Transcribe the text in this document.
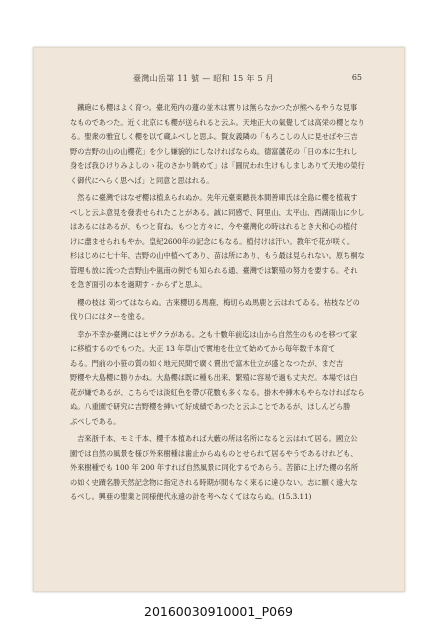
臺灣山岳第 11 號 — 昭和 15 年 5 月	65
　鐵砲にも櫻はよく育つ。臺北苑内の蓮の並木は實りは無らなかつたが熊へるやうな見事
なものであつた。近く北京にも櫻が送られると云ふ。天地正大の氣覺しては高栄の櫻となり
る。聖衆の雅宜しく櫻を以て蔵ふべしと思ふ。賢友義隣の「もろこしの人に見せばや三吉
野の吉野の山の山櫻花」を少し嫌貌的にしなければならぬ。德富蘆花の「日の本に生れし
身をば我ひけりみよしのゝ花のさかり眺めて」は「圓尻われ生けもしましありて天地の榮行
く御代にへらく思へば」と同意と思はれる。
　然るに臺灣ではなぜ櫻は植ゑられぬか。先年元臺東聽長本間善庫氏は全島に櫻を植栽す
べしと云ふ意見を發表せられたことがある。誠に同感で、阿里山、太平山、西湖雨山に少し
はあるにはあるが、もつと育ね。もつと方々に、今や臺灣化の時はれるとき大和心の植付
けに盡ませられもやか。皇紀2600年の記念にもなる。植付けは汗い。教年で花が咲く。
杉はじめに七十年、吉野の山中植へてあり、苗は所にあり、もう最は見られない。原ち桐な
管理も放に流つた吉野山や嵐南の例でも知られる通、臺灣では繁殖の努力を要する。それ
を急ぎ面引の本を過期す - からずと思ふ。
　櫻の枝は 苅つてはならぬ。古來櫻切る馬鹿、梅切らぬ馬鹿と云はれてゐる。枯枝などの
伐り口にはターを塗る。
　幸か不幸か臺灣にはヒザクラがある。之も十數年前迄は山から自然生のものを移つて家
に移植するのでもつた。大正 13 年草山で實地を仕立て始めてから毎年数千本育て
ゐる。門前の小笹の質の如く地元民間で廣く賣出で富木仕立が盛となつたが、まだ吉
野櫻や大島櫻に勝りかね。大島櫻は既に種も出来、繁殖に容易で過も丈夫だ。本場では白
花が嫌であるが、こちらでは淡紅色を帶び花數も多くなる。掛木や挿木もやらなければなら
ぬ。八重園で研究に吉野櫻を挿いて好成績であつたと云ふことであるが、ほしんどら勝
ぶべしである。
　吉來浙千本、モミ千本、櫻千本植あれば大藪の所は名所になると云はれて居る。國立公
園では自然の風景を様び外來樹種は歯止からぬものとせられて居るやうであるけれども、
外來樹種でも 100 年 200 年すれば自然風景に同化するであらう。苦節に上げた櫻の名所
の如く史蹟名勝天然記念物に指定される時期が間もなく來るに違ひない。志に願く遠大な
るべし。興亜の聖業と同様便代永遠の計を考へなくてはならぬ。(15.3.11)
20160030910001_P069
